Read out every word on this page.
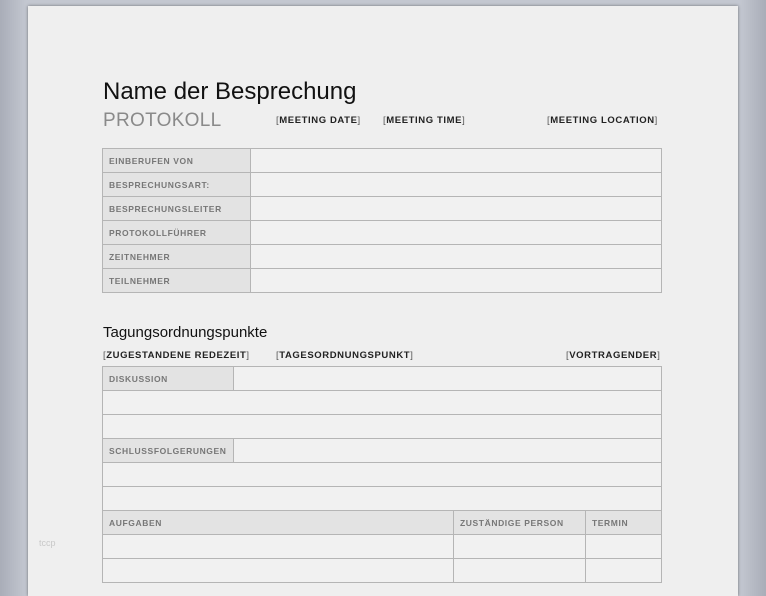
Name der Besprechung
PROTOKOLL	[MEETING DATE] [MEETING TIME]	[MEETING LOCATION]
EINBERUFEN VON	
BESPRECHUNGSART:	
BESPRECHUNGSLEITER	
PROTOKOLLFÜHRER	
ZEITNEHMER	
TEILNEHMER	
Tagungsordnungspunkte
[ZUGESTANDENE REDEZEIT]	[TAGESORDNUNGSPUNKT]	[VORTRAGENDER]
DISKUSSION	

SCHLUSSFOLGERUNGEN	

AUFGABEN	ZUSTÄNDIGE PERSON	TERMIN

tccp
